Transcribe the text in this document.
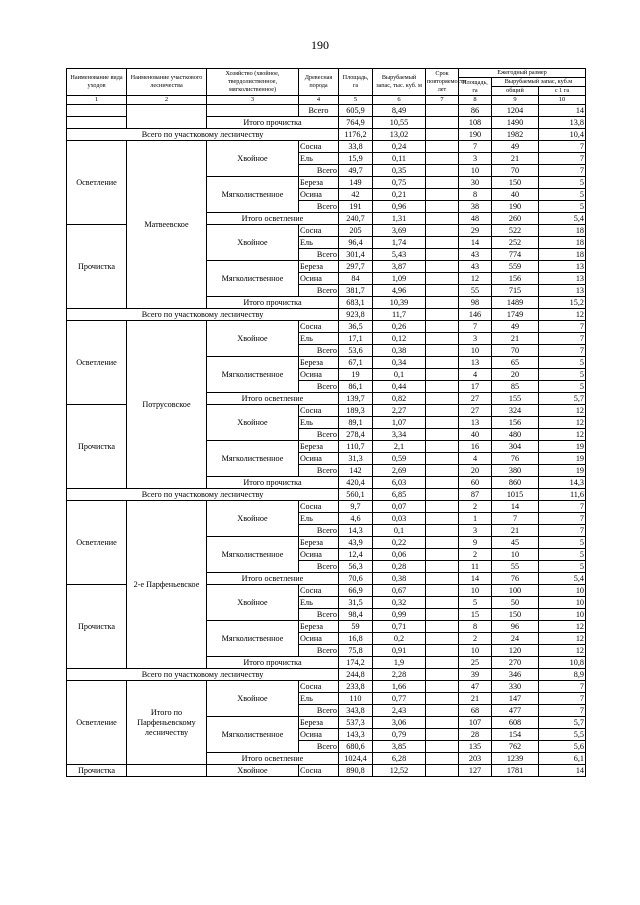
190
Наименование вида уходов	Наименование участкового лесничества	Хозяйство (хвойное, твердолиственное, мягколиственное)	Древесная порода	Площадь, га	Вырубаемый запас, тыс. куб. м	Срок повторяемости лет	Ежегодный размер		
							Площадь, га	Вырубаемый запас, куб.м	
								общий	с 1 га
1	2	3	4	5	6	7	8	9	10
			Всего	605,9	8,49		86	1204	14
		Итого прочистка		764,9	10,55		108	1490	13,8
Всего по участковому лесничеству				1176,2	13,02		190	1982	10,4
Осветление	Матвеевское	Хвойное	Сосна	33,8	0,24		7	49	7
			Ель	15,9	0,11		3	21	7
			Всего	49,7	0,35		10	70	7
		Мягколиственное	Береза	149	0,75		30	150	5
			Осина	42	0,21		8	40	5
			Всего	191	0,96		38	190	5
		Итого осветление		240,7	1,31		48	260	5,4
Прочистка		Хвойное	Сосна	205	3,69		29	522	18
			Ель	96,4	1,74		14	252	18
			Всего	301,4	5,43		43	774	18
		Мягколиственное	Береза	297,7	3,87		43	559	13
			Осина	84	1,09		12	156	13
			Всего	381,7	4,96		55	715	13
		Итого прочистка		683,1	10,39		98	1489	15,2
Всего по участковому лесничеству				923,8	11,7		146	1749	12
Осветление	Потрусовское	Хвойное	Сосна	36,5	0,26		7	49	7
			Ель	17,1	0,12		3	21	7
			Всего	53,6	0,38		10	70	7
		Мягколиственное	Береза	67,1	0,34		13	65	5
			Осина	19	0,1		4	20	5
			Всего	86,1	0,44		17	85	5
		Итого осветление		139,7	0,82		27	155	5,7
Прочистка		Хвойное	Сосна	189,3	2,27		27	324	12
			Ель	89,1	1,07		13	156	12
			Всего	278,4	3,34		40	480	12
		Мягколиственное	Береза	110,7	2,1		16	304	19
			Осина	31,3	0,59		4	76	19
			Всего	142	2,69		20	380	19
		Итого прочистка		420,4	6,03		60	860	14,3
Всего по участковому лесничеству				560,1	6,85		87	1015	11,6
Осветление	2-е Парфеньевское	Хвойное	Сосна	9,7	0,07		2	14	7
			Ель	4,6	0,03		1	7	7
			Всего	14,3	0,1		3	21	7
		Мягколиственное	Береза	43,9	0,22		9	45	5
			Осина	12,4	0,06		2	10	5
			Всего	56,3	0,28		11	55	5
		Итого осветление		70,6	0,38		14	76	5,4
Прочистка		Хвойное	Сосна	66,9	0,67		10	100	10
			Ель	31,5	0,32		5	50	10
			Всего	98,4	0,99		15	150	10
		Мягколиственное	Береза	59	0,71		8	96	12
			Осина	16,8	0,2		2	24	12
			Всего	75,8	0,91		10	120	12
		Итого прочистка		174,2	1,9		25	270	10,8
Всего по участковому лесничеству				244,8	2,28		39	346	8,9
Осветление	Итого по Парфеньевскому лесничеству	Хвойное	Сосна	233,8	1,66		47	330	7
			Ель	110	0,77		21	147	7
			Всего	343,8	2,43		68	477	7
		Мягколиственное	Береза	537,3	3,06		107	608	5,7
			Осина	143,3	0,79		28	154	5,5
			Всего	680,6	3,85		135	762	5,6
		Итого осветление		1024,4	6,28		203	1239	6,1
Прочистка		Хвойное	Сосна	890,8	12,52		127	1781	14
